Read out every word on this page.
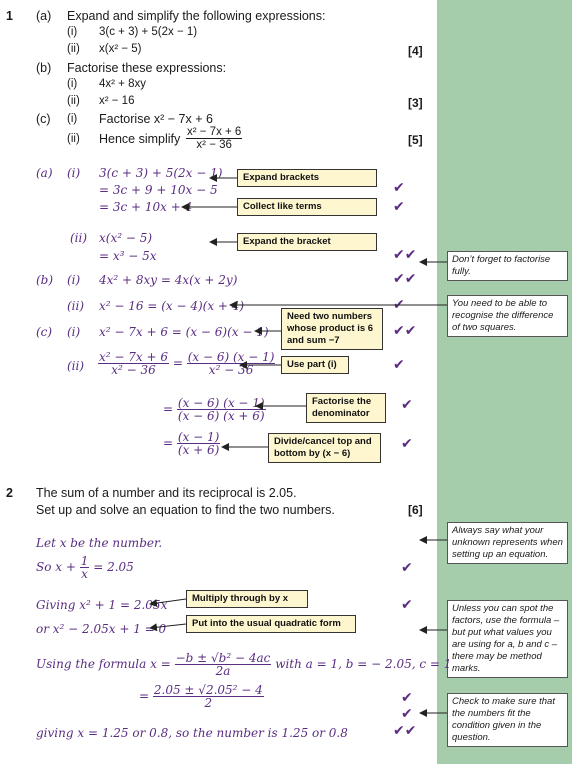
1 (a) Expand and simplify the following expressions:
(i) 3(c + 3) + 5(2x − 1)
(ii) x(x² − 5)	[4]
(b) Factorise these expressions:
(i) 4x² + 8xy
(ii) x² − 16	[3]
(c) (i) Factorise x² − 7x + 6
(ii) Hence simplify $\frac{\text{x² − 7x + 6}}{\text{x² − 36}}$	[5]
(a) (i) 3(c + 3) + 5(2x − 1)
= 3c + 9 + 10x − 5
= 3c + 10x + 4
(ii) x(x² − 5)
= x³ − 5x
(b) (i) 4x² + 8xy = 4x(x + 2y)
(ii) x² − 16 = (x − 4)(x + 4)
(c) (i) x² − 7x + 6 = (x − 6)(x − 1)
$(ii) \frac{\text{x² − 7x + 6}}{\text{x² − 36}} = \frac{(x - 6) (x - 1)}{\text{x² − 36}}$
= $\frac{(x - 6) (x - 1)}{(x - 6) (x + 6)}$
= $\frac{(x - 1)}{(x + 6)}$
Expand brackets
Collect like terms
Expand the bracket
Need two numbers whose product is 6 and sum −7
Use part (i)
Factorise the denominator
Divide/cancel top and bottom by (x − 6)
✔
✔
✔✔
✔✔
✔
✔✔
✔
✔
✔
Don’t forget to factorise fully.
You need to be able to recognise the difference of two squares.
Always say what your unknown represents when setting up an equation.
Unless you can spot the factors, use the formula – but put what values you are using for a, b and c – there may be method marks.
Check to make sure that the numbers fit the condition given in the question.
2 The sum of a number and its reciprocal is 2.05.
Set up and solve an equation to find the two numbers.	[6]
Let x be the number.
So $x + \frac{1}{x} = 2.05$
Giving x² + 1 = 2.05x
or x² − 2.05x + 1 = 0
Using the formula $x = \frac{\text{−b ± √b² − 4ac}}{2a}$ with a = 1, b = − 2.05, c = 1
= $\frac{\text{2.05 ± √2.05² − 4}}{2}$
giving x = 1.25 or 0.8, so the number is 1.25 or 0.8
Multiply through by x
Put into the usual quadratic form
✔
✔
✔
✔
✔✔
